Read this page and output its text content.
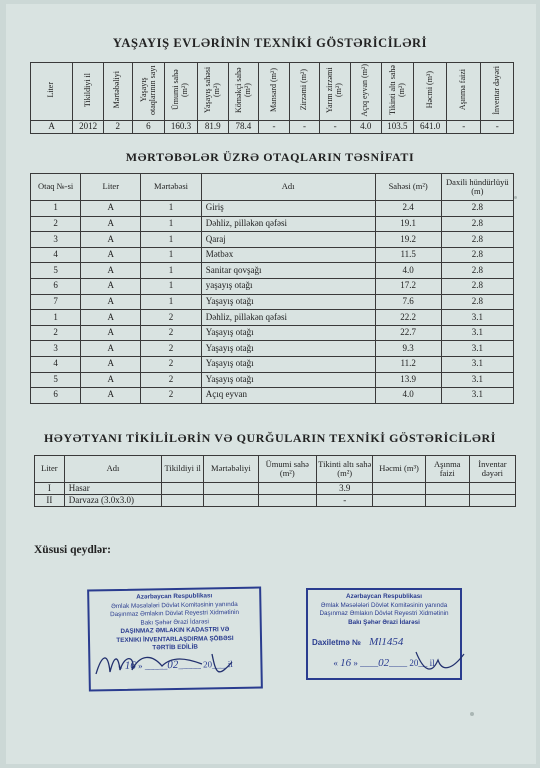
YAŞAYIŞ EVLƏRİNİN TEXNİKİ GÖSTƏRİCİLƏRİ
Liter	Tikildiyi il	Mərtəbəliyi	Yaşayış otaqlarının sayı	Ümumi sahə (m²)	Yaşayış sahəsi (m²)	Köməkçi sahə (m²)	Mansard (m²)	Zirzəmi (m²)	Yarım zirzəmi (m²)	Açıq eyvan (m²)	Tikinti altı sahə (m²)	Həcmi (m³)	Aşınma faizi	İnventar dəyəri
A	2012	2	6	160.3	81.9	78.4	-	-	-	4.0	103.5	641.0	-	-
MƏRTƏBƏLƏR ÜZRƏ OTAQLARIN TƏSNİFATI
Otaq №-si	Liter	Mərtəbəsi	Adı	Sahəsi (m²)	Daxili hündürlüyü (m)
1	A	1	Giriş	2.4	2.8
2	A	1	Dəhliz, pilləkən qəfəsi	19.1	2.8
3	A	1	Qaraj	19.2	2.8
4	A	1	Mətbəx	11.5	2.8
5	A	1	Sanitar qovşağı	4.0	2.8
6	A	1	yaşayış otağı	17.2	2.8
7	A	1	Yaşayış otağı	7.6	2.8
1	A	2	Dəhliz, pilləkən qəfəsi	22.2	3.1
2	A	2	Yaşayış otağı	22.7	3.1
3	A	2	Yaşayış otağı	9.3	3.1
4	A	2	Yaşayış otağı	11.2	3.1
5	A	2	Yaşayış otağı	13.9	3.1
6	A	2	Açıq eyvan	4.0	3.1
HƏYƏTYANI TİKİLİLƏRİN VƏ QURĞULARIN TEXNİKİ GÖSTƏRİCİLƏRİ
Liter	Adı	Tikildiyi il	Mərtəbəliyi	Ümumi sahə (m²)	Tikinti altı sahə (m²)	Həcmi (m³)	Aşınma faizi	İnventar dəyəri
I	Hasar				3.9			
II	Darvaza (3.0x3.0)				-			
Xüsusi qeydlər:
Azərbaycan Respublikası
Əmlak Məsələləri Dövlət Komitəsinin yanında
Daşınmaz Əmlakın Dövlət Reyestri Xidmətinin
Bakı Şəhər Ərazi İdarəsi
DAŞINMAZ ƏMLAKIN KADASTRI VƏ
TEXNIKI İNVENTARLAŞDIRMA ŞÖBƏSI
TƏRTİB EDİLİB
« 16 » _____02_____ 20___ il
Azərbaycan Respublikası
Əmlak Məsələləri Dövlət Komitəsinin yanında
Daşınmaz Əmlakın Dövlət Reyestri Xidmətinin
Bakı Şəhər Ərazi İdarəsi
Daxiletmə № Ml1454
« 16 » ____02____ 20__ il
